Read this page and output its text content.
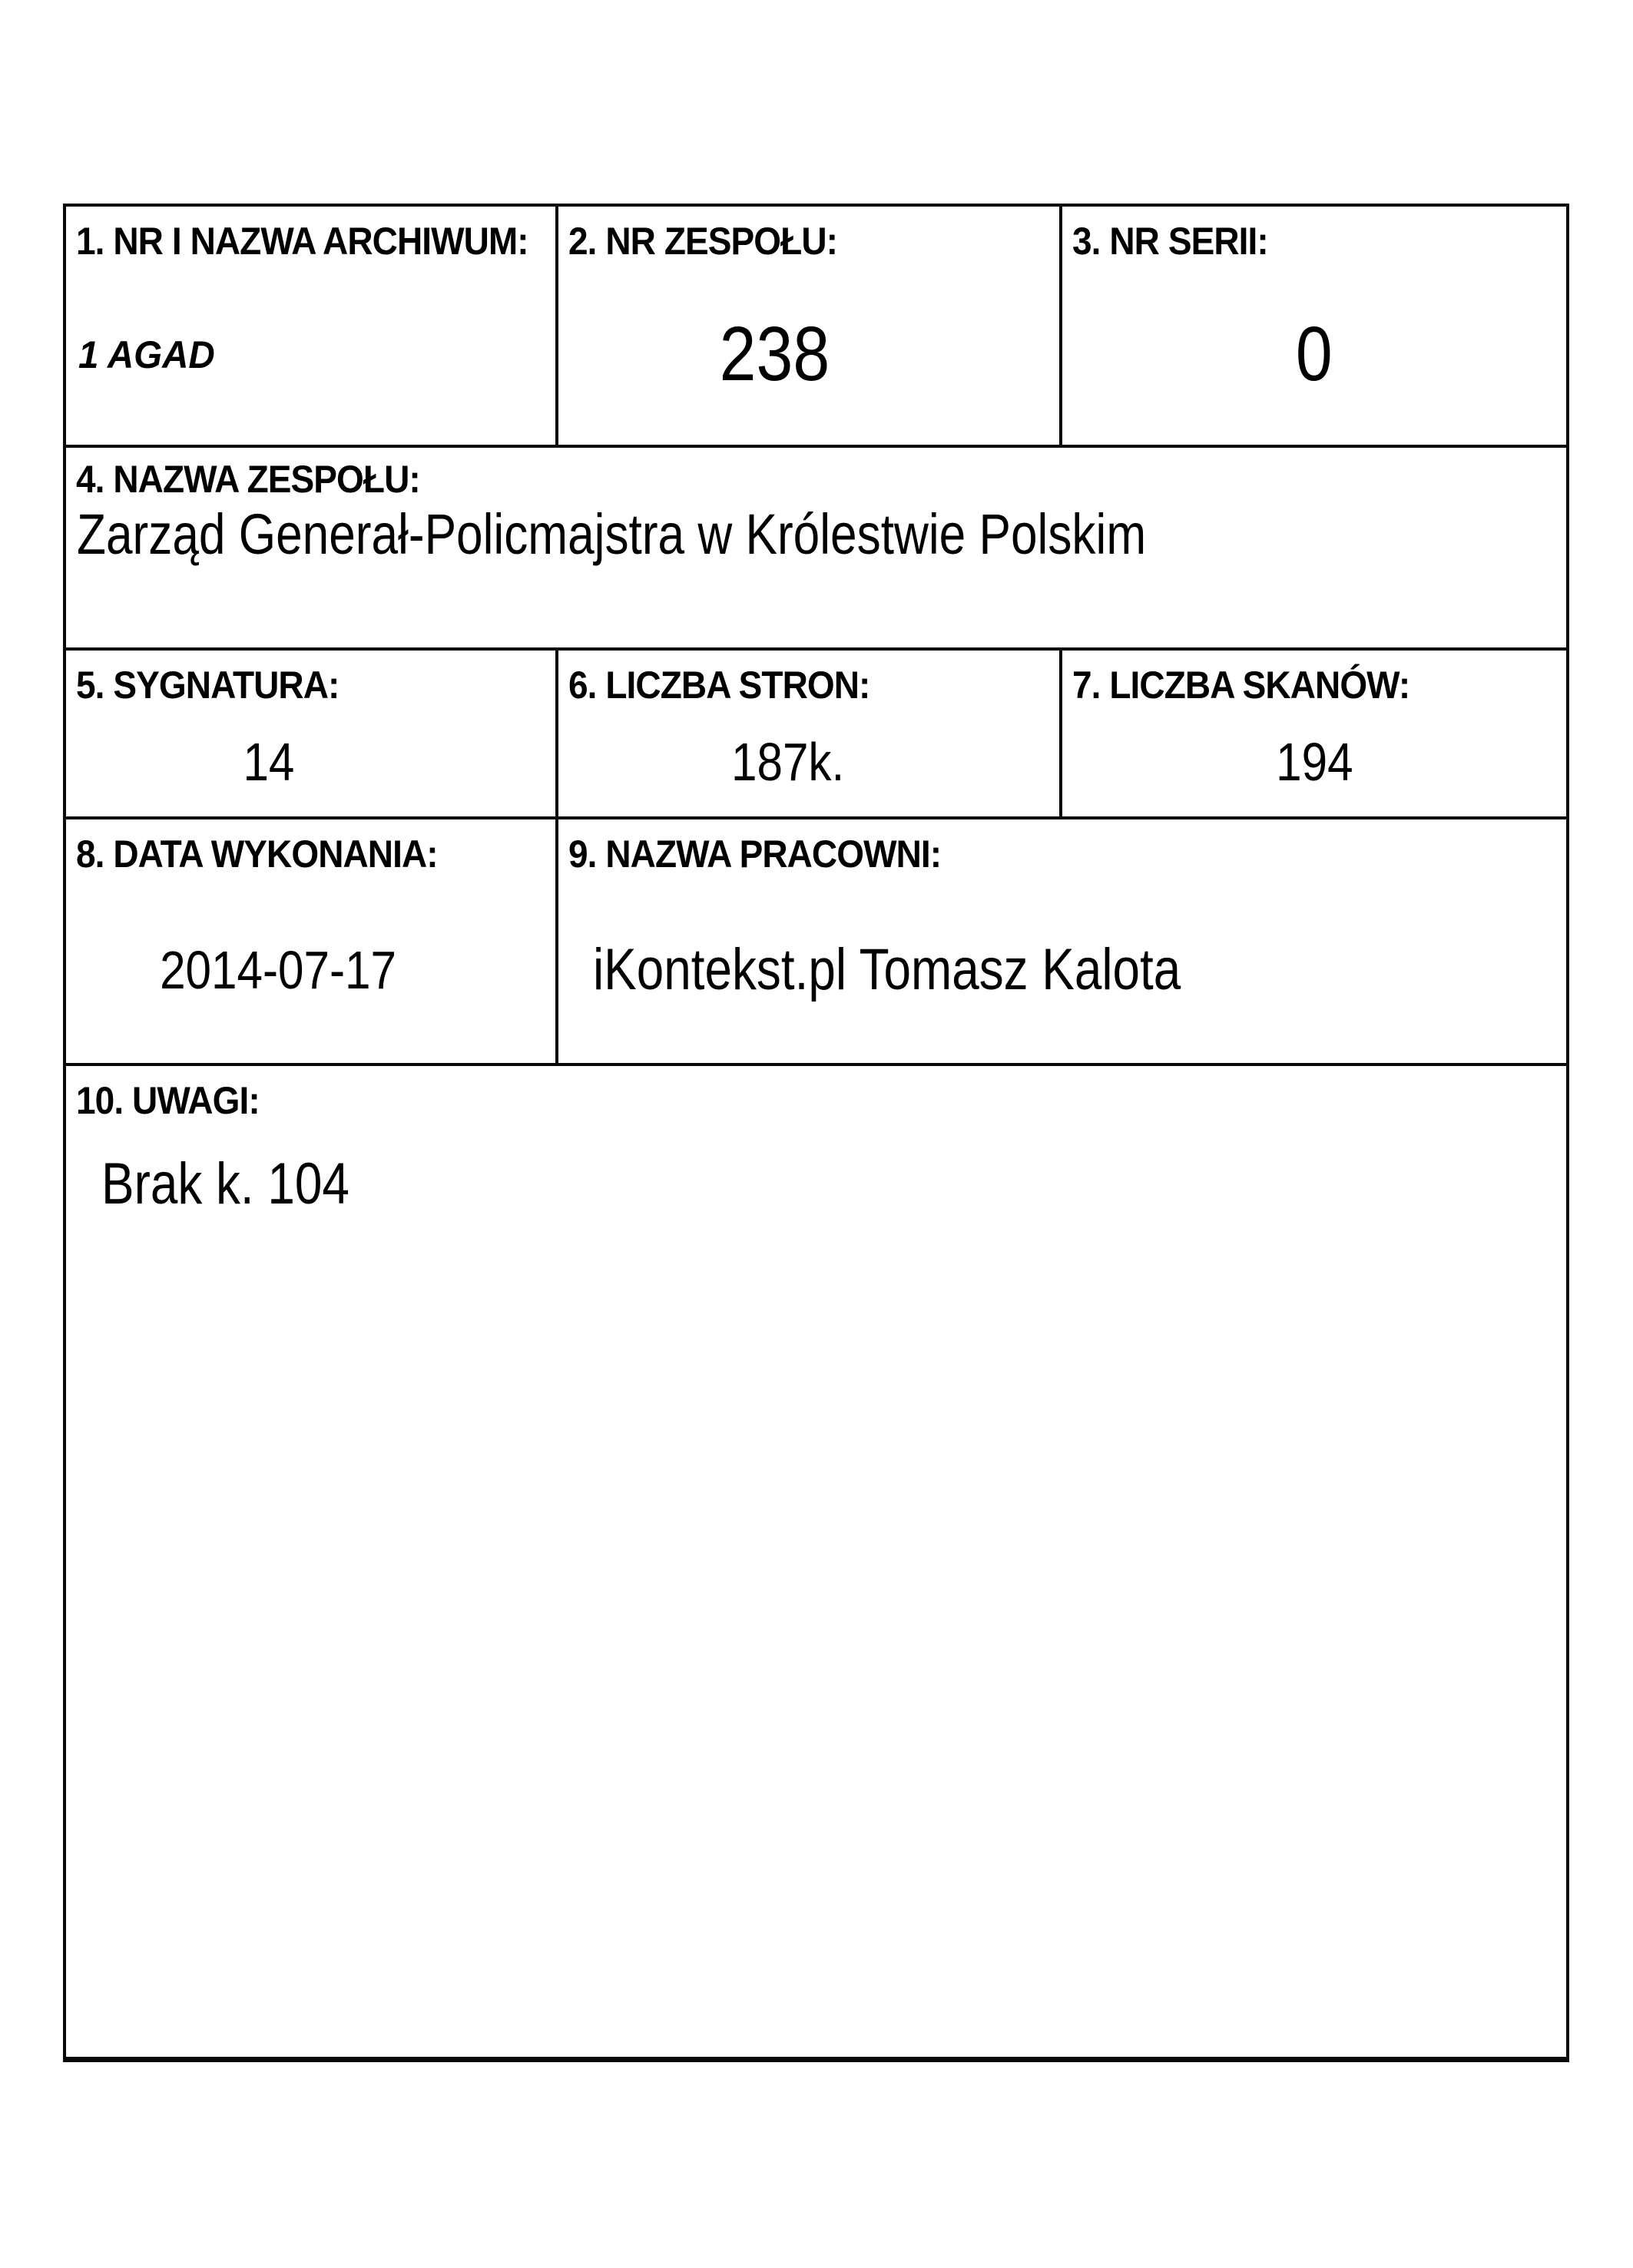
1. NR I NAZWA ARCHIWUM:
1 AGAD
2. NR ZESPOŁU:
238
3. NR SERII:
0
4. NAZWA ZESPOŁU:
Zarząd Generał-Policmajstra w Królestwie Polskim
5. SYGNATURA:
14
6. LICZBA STRON:
187k.
7. LICZBA SKANÓW:
194
8. DATA WYKONANIA:
2014-07-17
9. NAZWA PRACOWNI:
iKontekst.pl Tomasz Kalota
10. UWAGI:
Brak k. 104
